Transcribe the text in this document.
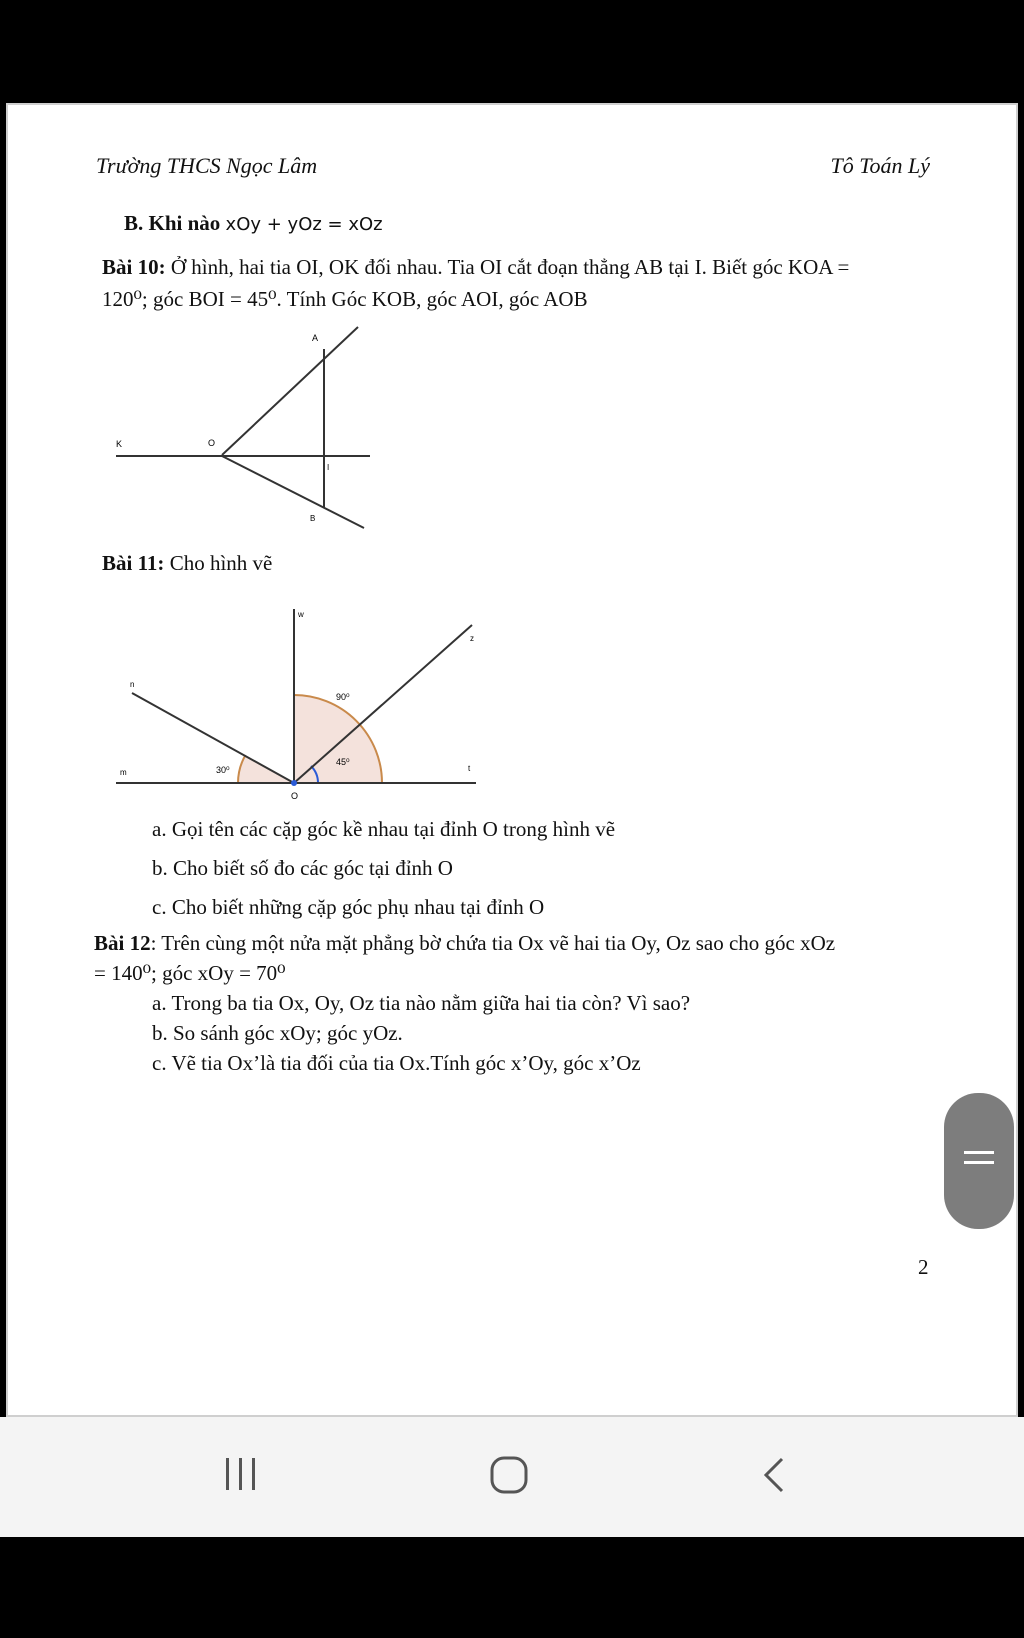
Trường THCS Ngọc Lâm	Tô Toán Lý
B. Khi nào xOy + yOz = xOz
Bài 10: Ở hình, hai tia OI, OK đối nhau. Tia OI cắt đoạn thẳng AB tại I. Biết góc KOA =
120⁰; góc BOI = 45⁰. Tính Góc KOB, góc AOI, góc AOB
A
K	O
I
B
Bài 11: Cho hình vẽ
w
z
n
m	t
O
90⁰
30⁰
45⁰
a. Gọi tên các cặp góc kề nhau tại đỉnh O trong hình vẽ
b. Cho biết số đo các góc tại đỉnh O
c. Cho biết những cặp góc phụ nhau tại đỉnh O
Bài 12: Trên cùng một nửa mặt phẳng bờ chứa tia Ox vẽ hai tia Oy, Oz sao cho góc xOz
= 140⁰; góc xOy = 70⁰
a. Trong ba tia Ox, Oy, Oz tia nào nằm giữa hai tia còn? Vì sao?
b. So sánh góc xOy; góc yOz.
c. Vẽ tia Ox’là tia đối của tia Ox.Tính góc x’Oy, góc x’Oz
2
